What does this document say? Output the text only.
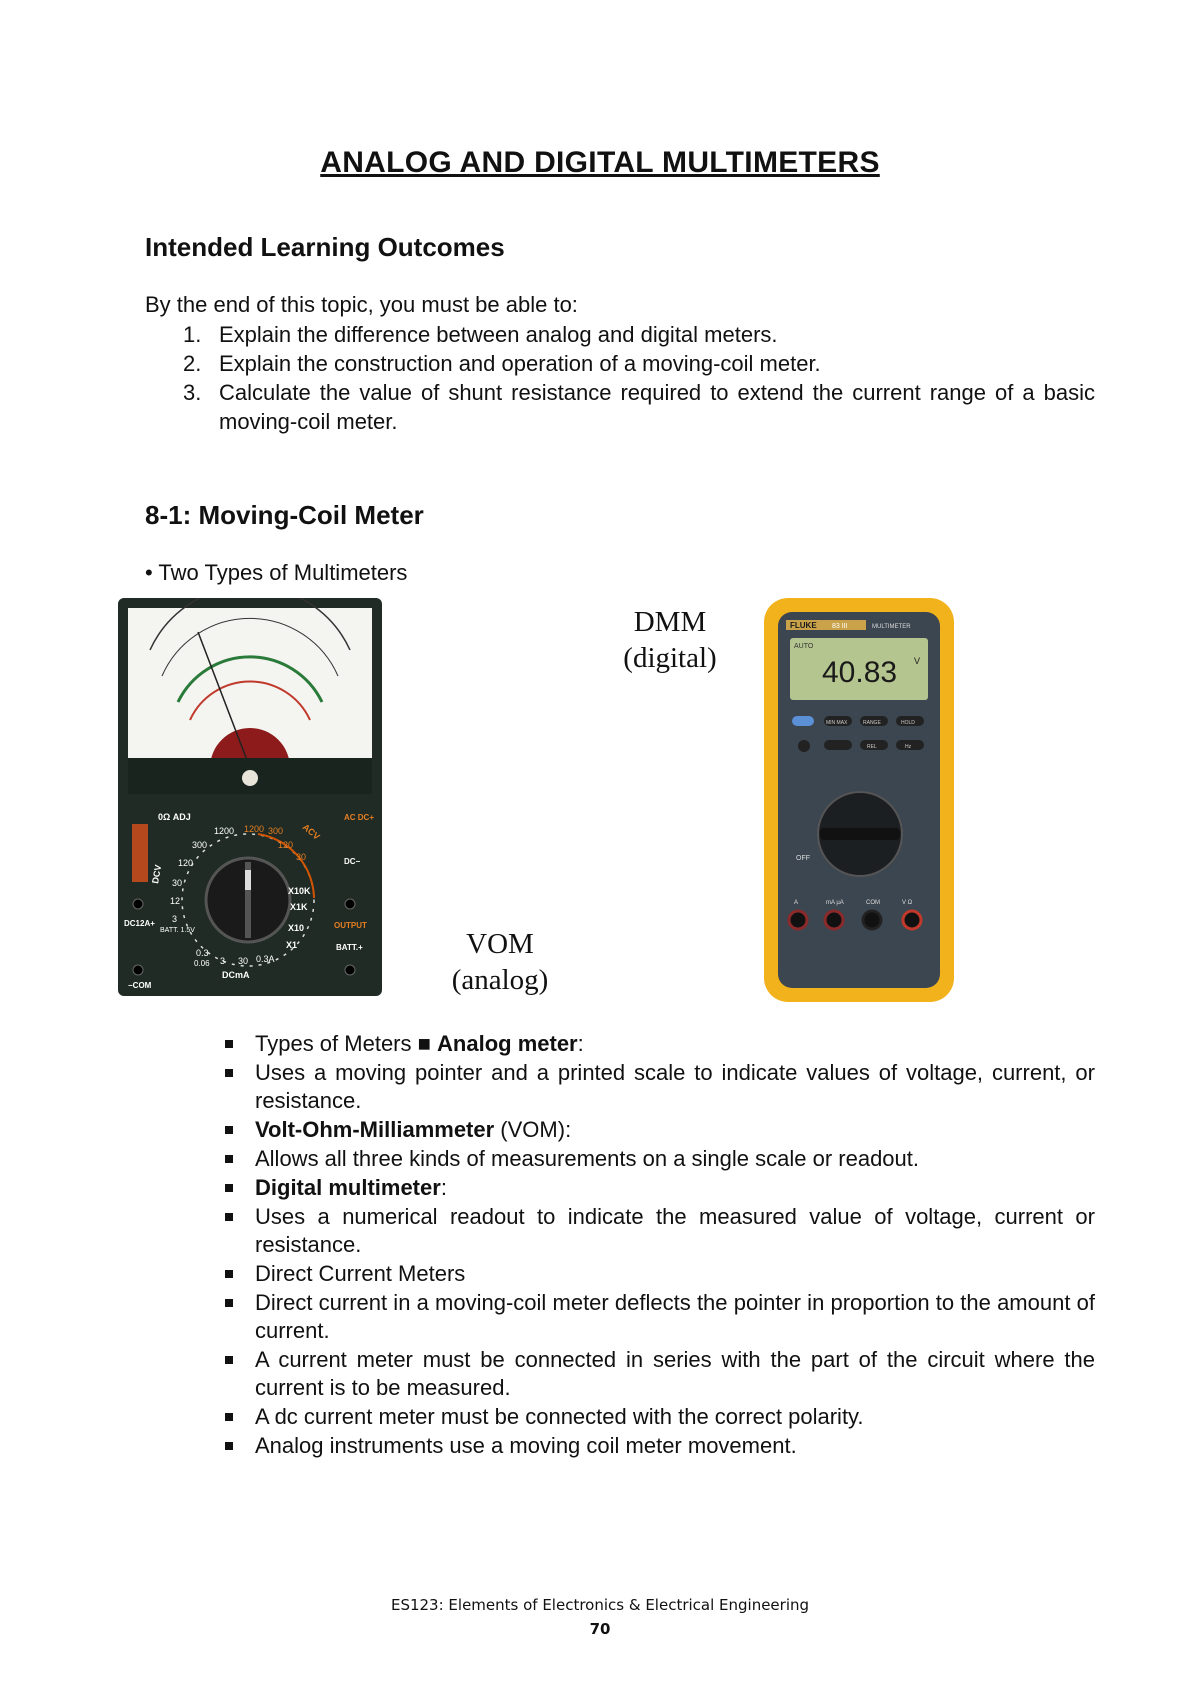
ANALOG AND DIGITAL MULTIMETERS
Intended Learning Outcomes
By the end of this topic, you must be able to:
1. Explain the difference between analog and digital meters.
2. Explain the construction and operation of a moving-coil meter.
3. Calculate the value of shunt resistance required to extend the current range of a basic moving-coil meter.
8-1: Moving-Coil Meter
• Two Types of Multimeters
0Ω ADJ
DCV
ACV
DCmA
1200
300
120
30
12
3
0.3
0.06 3 30 0.3A
X1
X10
X1K
X10K
1200 300
120
30
AC DC+
DC−
OUTPUT
BATT.+
BATT. 1.5V
DC12A+
−COM
VOM
(analog)
DMM
(digital)
FLUKE 83 III	MULTIMETER
AUTO
40.83 V
MIN MAX	RANGE	HOLD
REL	Hz
OFF
A	mA µA	COM	V Ω
Types of Meters ■ Analog meter:
Uses a moving pointer and a printed scale to indicate values of voltage, current, or resistance.
Volt-Ohm-Milliammeter (VOM):
Allows all three kinds of measurements on a single scale or readout.
Digital multimeter:
Uses a numerical readout to indicate the measured value of voltage, current or resistance.
Direct Current Meters
Direct current in a moving-coil meter deflects the pointer in proportion to the amount of current.
A current meter must be connected in series with the part of the circuit where the current is to be measured.
A dc current meter must be connected with the correct polarity.
Analog instruments use a moving coil meter movement.
ES123: Elements of Electronics & Electrical Engineering
70
